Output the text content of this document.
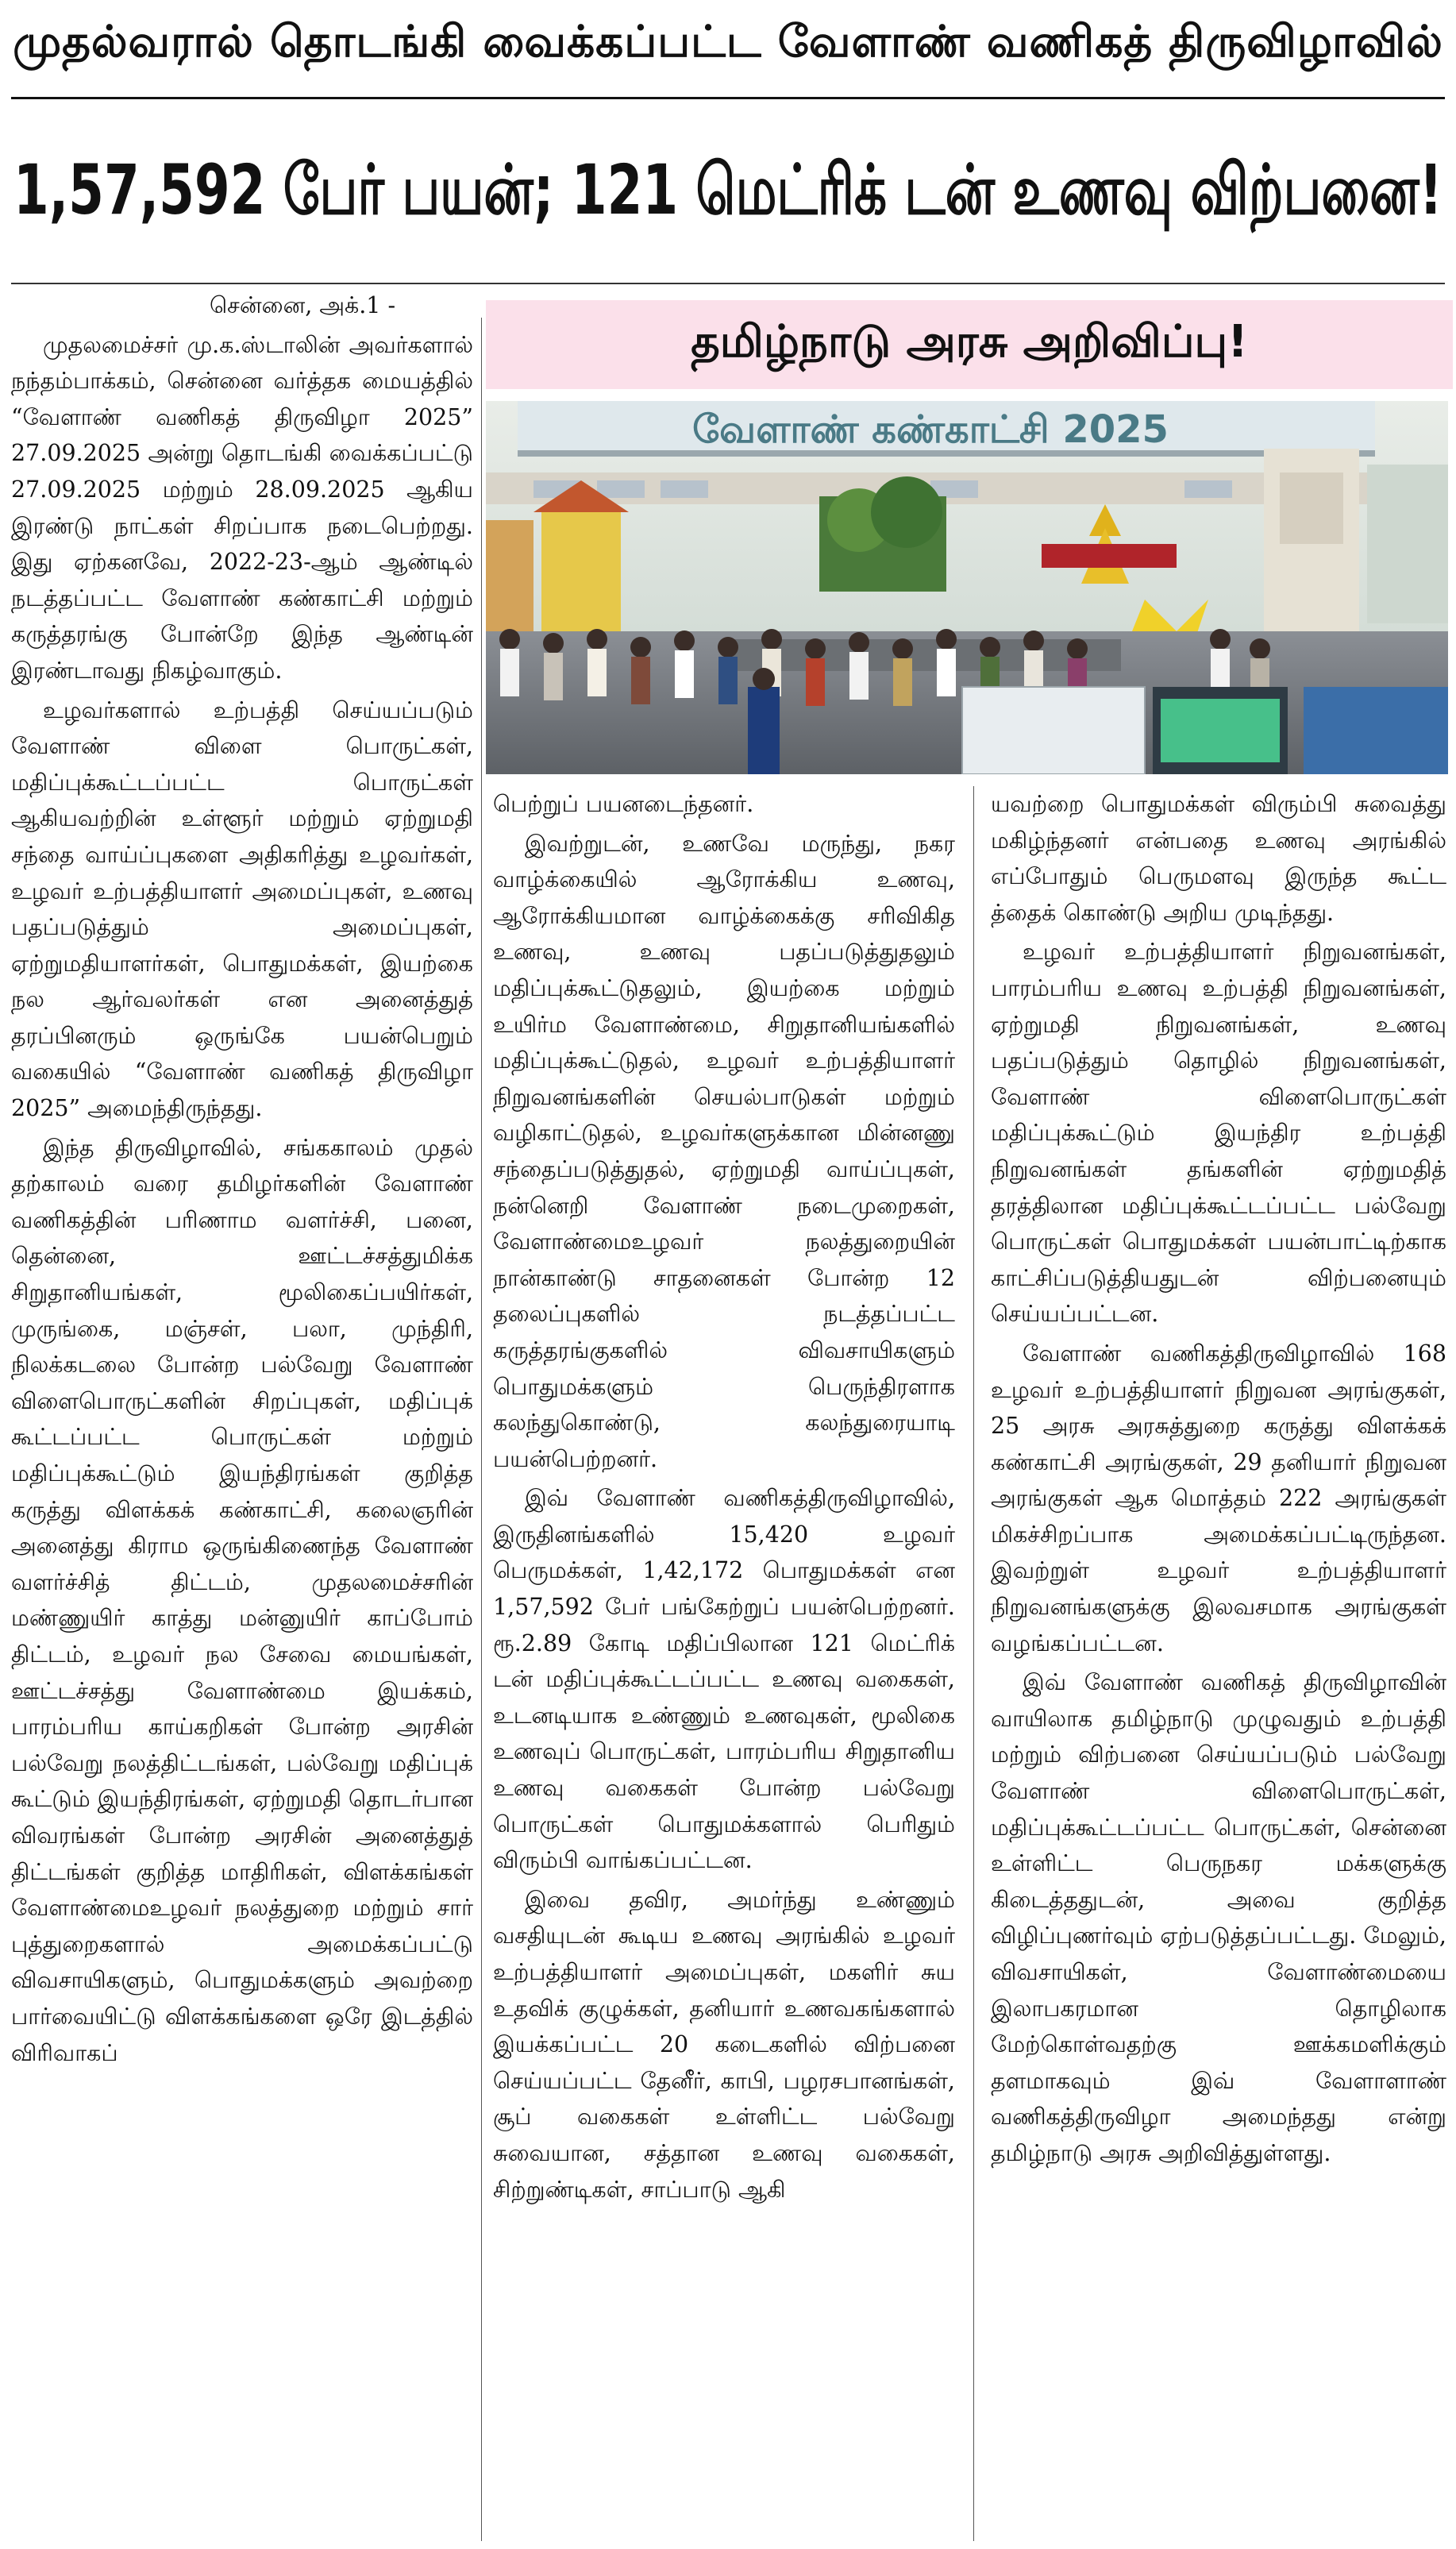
முதல்வரால் தொடங்கி வைக்கப்பட்ட வேளாண் வணிகத் திருவிழாவில்
1,57,592 பேர் பயன்; 121 மெட்ரிக் டன் உணவு விற்பனை!

சென்னை, அக்.1 -

முதலமைச்சர் மு.க.ஸ்டாலின் அவர்களால் நந்தம்பாக்கம், சென்னை வர்த்தக மையத்தில் “வேளாண் வணிகத் திருவிழா 2025” 27.09.2025 அன்று தொடங்கி வைக்கப்பட்டு 27.09.2025 மற்றும் 28.09.2025 ஆகிய இரண்டு நாட்கள் சிறப்பாக நடைபெற்றது. இது ஏற்கனவே, 2022-23-ஆம் ஆண்டில் நடத்தப்பட்ட வேளாண் கண்காட்சி மற்றும் கருத்தரங்கு போன்றே இந்த ஆண்டின் இரண்டாவது நிகழ்வாகும்.

உழவர்களால் உற்பத்தி செய்யப்படும் வேளாண் விளை பொருட்கள், மதிப்புக்கூட்டப்பட்ட பொருட்கள் ஆகியவற்றின் உள்ளூர் மற்றும் ஏற்றுமதி சந்தை வாய்ப்புகளை அதிகரித்து உழவர்கள், உழவர் உற்பத்தியாளர் அமைப்புகள், உணவு பதப்படுத்தும் அமைப்புகள், ஏற்றுமதியாளர்கள், பொதுமக்கள், இயற்கை நல ஆர்வலர்கள் என அனைத்துத் தரப்பினரும் ஒருங்கே பயன்பெறும் வகையில் “வேளாண் வணிகத் திருவிழா 2025” அமைந்திருந்தது.

இந்த திருவிழாவில், சங்ககாலம் முதல் தற்காலம் வரை தமிழர்களின் வேளாண் வணிகத்தின் பரிணாம வளர்ச்சி, பனை, தென்னை, ஊட்டச்சத்துமிக்க சிறுதானியங்கள், மூலிகைப்பயிர்கள், முருங்கை, மஞ்சள், பலா, முந்திரி, நிலக்கடலை போன்ற பல்வேறு வேளாண் விளைபொருட்களின் சிறப்புகள், மதிப்புக் கூட்டப்பட்ட பொருட்கள் மற்றும் மதிப்புக்கூட்டும் இயந்திரங்கள் குறித்த கருத்து விளக்கக் கண்காட்சி, கலைஞரின் அனைத்து கிராம ஒருங்கிணைந்த வேளாண் வளர்ச்சித் திட்டம், முதலமைச்சரின் மண்ணுயிர் காத்து மன்னுயிர் காப்போம் திட்டம், உழவர் நல சேவை மையங்கள், ஊட்டச்சத்து வேளாண்மை இயக்கம், பாரம்பரிய காய்கறிகள் போன்ற அரசின் பல்வேறு நலத்திட்டங்கள், பல்வேறு மதிப்புக் கூட்டும் இயந்திரங்கள், ஏற்றுமதி தொடர்பான விவரங்கள் போன்ற அரசின் அனைத்துத் திட்டங்கள் குறித்த மாதிரிகள், விளக்கங்கள் வேளாண்மைஉழவர் நலத்துறை மற்றும் சார் புத்துறைகளால் அமைக்கப்பட்டு விவசாயிகளும், பொதுமக்களும் அவற்றை பார்வையிட்டு விளக்கங்களை ஒரே இடத்தில் விரிவாகப்

தமிழ்நாடு அரசு அறிவிப்பு!
வேளாண் கண்காட்சி 2025

பெற்றுப் பயனடைந்தனர்.

இவற்றுடன், உணவே மருந்து, நகர வாழ்க்கையில் ஆரோக்கிய உணவு, ஆரோக்கியமான வாழ்க்கைக்கு சரிவிகித உணவு, உணவு பதப்படுத்துதலும் மதிப்புக்கூட்டுதலும், இயற்கை மற்றும் உயிர்ம வேளாண்மை, சிறுதானியங்களில் மதிப்புக்கூட்டுதல், உழவர் உற்பத்தியாளர் நிறுவனங்களின் செயல்பாடுகள் மற்றும் வழிகாட்டுதல், உழவர்களுக்கான மின்னணு சந்தைப்படுத்துதல், ஏற்றுமதி வாய்ப்புகள், நன்னெறி வேளாண் நடைமுறைகள், வேளாண்மைஉழவர் நலத்துறையின் நான்காண்டு சாதனைகள் போன்ற 12 தலைப்புகளில் நடத்தப்பட்ட கருத்தரங்குகளில் விவசாயிகளும் பொதுமக்களும் பெருந்திரளாக கலந்துகொண்டு, கலந்துரையாடி பயன்பெற்றனர்.

இவ் வேளாண் வணிகத்திருவிழாவில், இருதினங்களில் 15,420 உழவர் பெருமக்கள், 1,42,172 பொதுமக்கள் என 1,57,592 பேர் பங்கேற்றுப் பயன்பெற்றனர். ரூ.2.89 கோடி மதிப்பிலான 121 மெட்ரிக் டன் மதிப்புக்கூட்டப்பட்ட உணவு வகைகள், உடனடியாக உண்ணும் உணவுகள், மூலிகை உணவுப் பொருட்கள், பாரம்பரிய சிறுதானிய உணவு வகைகள் போன்ற பல்வேறு பொருட்கள் பொதுமக்களால் பெரிதும் விரும்பி வாங்கப்பட்டன.

இவை தவிர, அமர்ந்து உண்ணும் வசதியுடன் கூடிய உணவு அரங்கில் உழவர் உற்பத்தியாளர் அமைப்புகள், மகளிர் சுய உதவிக் குழுக்கள், தனியார் உணவகங்களால் இயக்கப்பட்ட 20 கடைகளில் விற்பனை செய்யப்பட்ட தேனீர், காபி, பழரசபானங்கள், சூப் வகைகள் உள்ளிட்ட பல்வேறு சுவையான, சத்தான உணவு வகைகள், சிற்றுண்டிகள், சாப்பாடு ஆகி

யவற்றை பொதுமக்கள் விரும்பி சுவைத்து மகிழ்ந்தனர் என்பதை உணவு அரங்கில் எப்போதும் பெருமளவு இருந்த கூட்ட த்தைக் கொண்டு அறிய முடிந்தது.

உழவர் உற்பத்தியாளர் நிறுவனங்கள், பாரம்பரிய உணவு உற்பத்தி நிறுவனங்கள், ஏற்றுமதி நிறுவனங்கள், உணவு பதப்படுத்தும் தொழில் நிறுவனங்கள், வேளாண் விளைபொருட்கள் மதிப்புக்கூட்டும் இயந்திர உற்பத்தி நிறுவனங்கள் தங்களின் ஏற்றுமதித் தரத்திலான மதிப்புக்கூட்டப்பட்ட பல்வேறு பொருட்கள் பொதுமக்கள் பயன்பாட்டிற்காக காட்சிப்படுத்தியதுடன் விற்பனையும் செய்யப்பட்டன.

வேளாண் வணிகத்திருவிழாவில் 168 உழவர் உற்பத்தியாளர் நிறுவன அரங்குகள், 25 அரசு அரசுத்துறை கருத்து விளக்கக் கண்காட்சி அரங்குகள், 29 தனியார் நிறுவன அரங்குகள் ஆக மொத்தம் 222 அரங்குகள் மிகச்சிறப்பாக அமைக்கப்பட்டிருந்தன. இவற்றுள் உழவர் உற்பத்தியாளர் நிறுவனங்களுக்கு இலவசமாக அரங்குகள் வழங்கப்பட்டன.

இவ் வேளாண் வணிகத் திருவிழாவின் வாயிலாக தமிழ்நாடு முழுவதும் உற்பத்தி மற்றும் விற்பனை செய்யப்படும் பல்வேறு வேளாண் விளைபொருட்கள், மதிப்புக்கூட்டப்பட்ட பொருட்கள், சென்னை உள்ளிட்ட பெருநகர மக்களுக்கு கிடைத்ததுடன், அவை குறித்த விழிப்புணர்வும் ஏற்படுத்தப்பட்டது. மேலும், விவசாயிகள், வேளாண்மையை இலாபகரமான தொழிலாக மேற்கொள்வதற்கு ஊக்கமளிக்கும் தளமாகவும் இவ் வேளாளாண் வணிகத்திருவிழா அமைந்தது என்று தமிழ்நாடு அரசு அறிவித்துள்ளது.
